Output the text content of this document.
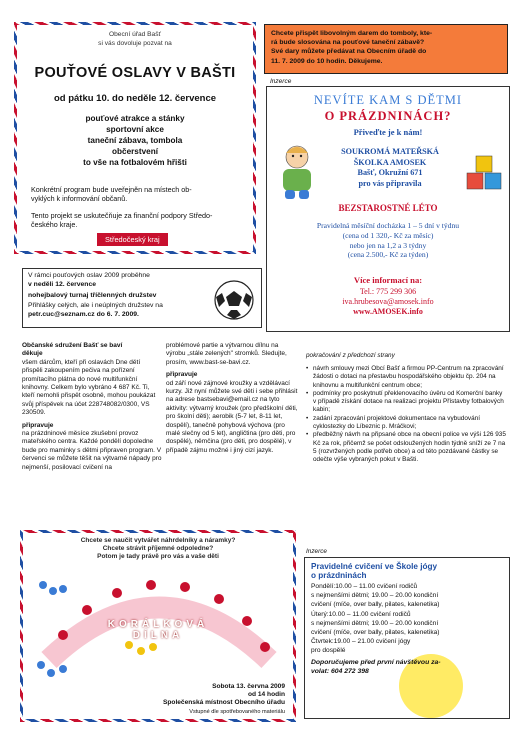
Obecní úřad Bašť
si vás dovoluje pozvat na
POUŤOVÉ OSLAVY V BAŠTI
od pátku 10. do neděle 12. července
pouťové atrakce a stánky
sportovní akce
taneční zábava, tombola
občerstvení
to vše na fotbalovém hřišti
Konkrétní program bude uveřejněn na místech ob-
vyklých k informování občanů.
Tento projekt se uskutečňuje za finanční podpory Středo-
českého kraje.
Středočeský kraj
Chcete přispět libovolným darem do tomboly, kte-
rá bude slosována na pouťové taneční zábavě?
Své dary můžete předávat na Obecním úřadě do
11. 7. 2009 do 10 hodin. Děkujeme.
Inzerce
NEVÍTE KAM S DĚTMI
O PRÁZDNINÁCH?
Přiveďte je k nám!
SOUKROMÁ MATEŘSKÁ
ŠKOLKA AMOSEK
Bašť, Okružní 671
pro vás připravila
BEZSTAROSTNÉ LÉTO
Pravidelná měsíční docházka 1 – 5 dní v týdnu
(cena od 1 320,- Kč za měsíc)
nebo jen na 1,2 a 3 týdny
(cena 2.500,- Kč za týden)
Více informací na:
Tel.: 775 299 306
iva.hrubesova@amosek.info
www.AMOSEK.info
V rámci pouťových oslav 2009 proběhne
v neděli 12. července
nohejbalový turnaj tříčlenných družstev
Přihlášky celých, ale i neúplných družstev na
petr.cuc@seznam.cz do 6. 7. 2009.

Občanské sdružení Bašť se baví

děkuje

všem dárcům, kteří při oslavách Dne dětí přispěli zakoupením pečiva na pořízení promítacího plátna do nové multifunkční knihovny. Celkem bylo vybráno 4 687 Kč. Ti, kteří nemohli přispět osobně, mohou poukázat svůj příspěvek na účet 228748082/0300, VS 230509.

připravuje

na prázdninové měsíce zkušební provoz mateřského centra. Každé pondělí dopoledne bude pro maminky s dětmi připraven program. V červenci se můžete těšit na výtvarné nápady pro nejmenší, posilovací cvičení na

problémové partie a výtvarnou dílnu na výrobu „stále zelených" stromků. Sledujte, prosím, www.bast-se-bavi.cz.

připravuje

od září nové zájmové kroužky a vzdělávací kurzy. Již nyní můžete své děti i sebe přihlásit na adrese bastsebavi@email.cz na tyto aktivity: výtvarný kroužek (pro předškolní děti, pro školní děti); aerobik (5-7 let, 8-11 let, dospělí), tanečně pohybová výchova (pro malé slečny od 5 let), angličtina (pro děti, pro dospělé), němčina (pro děti, pro dospělé), v případě zájmu možné i jiný cizí jazyk.

pokračování z předchozí strany

• návrh smlouvy mezi Obcí Bašť a firmou PP-Centrum na zpracování žádosti o dotaci na přestavbu hospodářského objektu čp. 204 na knihovnu a multifunkční centrum obce;
• podmínky pro poskytnutí překlenovacího úvěru od Komerční banky v případě získání dotace na realizaci projektu Přístavby fotbalových kabin;
• zadání zpracování projektové dokumentace na vybudování cyklostezky do Líbeznic p. Mráčkovi;
• předběžný návrh na připsané obce na obecní police ve výši 126 935 Kč za rok, přičemž se počet odsloužených hodin týdně sníží ze 7 na 5 (rozvržených podle potřeb obce) a od této pozdávané částky se odečte výše vybraných pokut v Bašti.
Chcete se naučit vytvářet náhrdelníky a náramky?
Chcete strávit příjemné odpoledne?
Potom je tady právě pro vás a vaše děti
KORÁLKOVÁ DÍLNA
Sobota 13. června 2009
od 14 hodin
Společenská místnost Obecního úřadu
Vstupné dle spotřebovaného materiálu
Inzerce
Pravidelné cvičení ve Škole jógy
o prázdninách
Pondělí:10.00 – 11.00 cvičení rodičů
s nejmenšími dětmi; 19.00 – 20.00 kondiční
cvičení (míče, over bally, pilates, kalenetika)
Úterý:10.00 – 11.00 cvičení rodičů
s nejmenšími dětmi; 19.00 – 20.00 kondiční
cvičení (míče, over bally, pilates, kalenetika)
Čtvrtek:19.00 – 21.00 cvičení jógy
pro dospělé
Doporučujeme před první návštěvou za-
volat: 604 272 398
